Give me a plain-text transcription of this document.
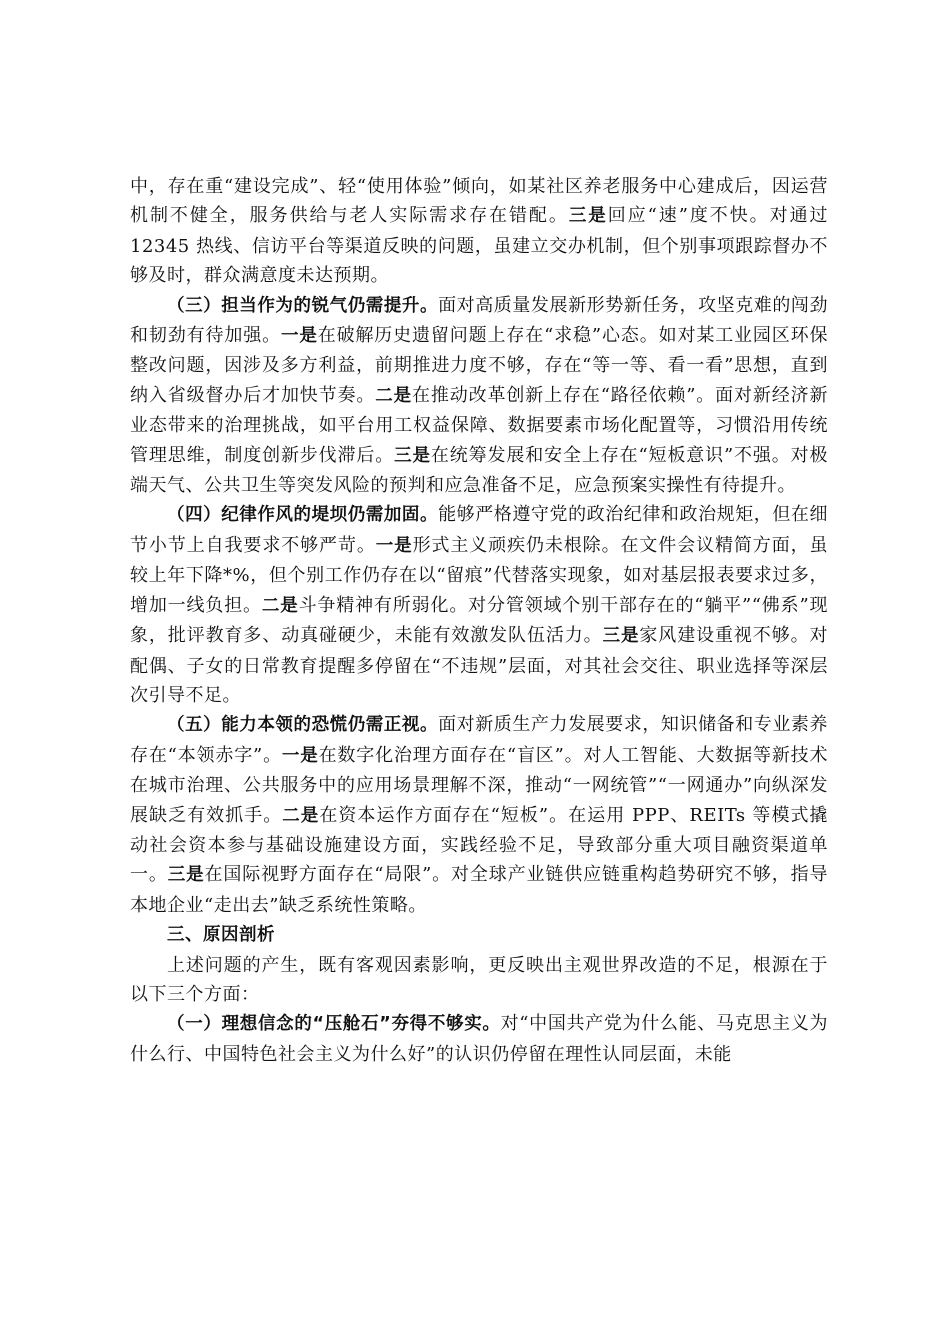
中，存在重“建设完成”、轻“使用体验”倾向，如某社区养老服务中心建成后，因运营机制不健全，服务供给与老人实际需求存在错配。三是回应“速”度不快。对通过 12345 热线、信访平台等渠道反映的问题，虽建立交办机制，但个别事项跟踪督办不够及时，群众满意度未达预期。

（三）担当作为的锐气仍需提升。面对高质量发展新形势新任务，攻坚克难的闯劲和韧劲有待加强。一是在破解历史遗留问题上存在“求稳”心态。如对某工业园区环保整改问题，因涉及多方利益，前期推进力度不够，存在“等一等、看一看”思想，直到纳入省级督办后才加快节奏。二是在推动改革创新上存在“路径依赖”。面对新经济新业态带来的治理挑战，如平台用工权益保障、数据要素市场化配置等，习惯沿用传统管理思维，制度创新步伐滞后。三是在统筹发展和安全上存在“短板意识”不强。对极端天气、公共卫生等突发风险的预判和应急准备不足，应急预案实操性有待提升。

（四）纪律作风的堤坝仍需加固。能够严格遵守党的政治纪律和政治规矩，但在细节小节上自我要求不够严苛。一是形式主义顽疾仍未根除。在文件会议精简方面，虽较上年下降*%，但个别工作仍存在以“留痕”代替落实现象，如对基层报表要求过多，增加一线负担。二是斗争精神有所弱化。对分管领域个别干部存在的“躺平”“佛系”现象，批评教育多、动真碰硬少，未能有效激发队伍活力。三是家风建设重视不够。对配偶、子女的日常教育提醒多停留在“不违规”层面，对其社会交往、职业选择等深层次引导不足。

（五）能力本领的恐慌仍需正视。面对新质生产力发展要求，知识储备和专业素养存在“本领赤字”。一是在数字化治理方面存在“盲区”。对人工智能、大数据等新技术在城市治理、公共服务中的应用场景理解不深，推动“一网统管”“一网通办”向纵深发展缺乏有效抓手。二是在资本运作方面存在“短板”。在运用 PPP、REITs 等模式撬动社会资本参与基础设施建设方面，实践经验不足，导致部分重大项目融资渠道单一。三是在国际视野方面存在“局限”。对全球产业链供应链重构趋势研究不够，指导本地企业“走出去”缺乏系统性策略。

三、原因剖析

上述问题的产生，既有客观因素影响，更反映出主观世界改造的不足，根源在于以下三个方面：

（一）理想信念的“压舱石”夯得不够实。对“中国共产党为什么能、马克思主义为什么行、中国特色社会主义为什么好”的认识仍停留在理性认同层面，未能
